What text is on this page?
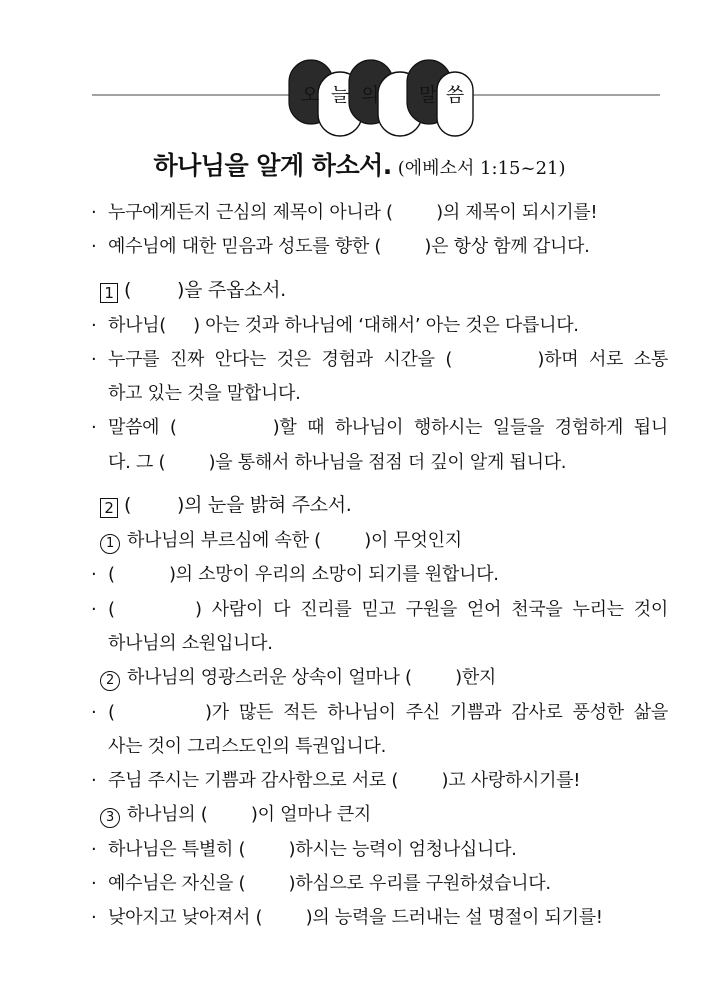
오 늘 의 말 씀
하나님을 알게 하소서. (에베소서 1:15~21)
· 누구에게든지 근심의 제목이 아니라 (        )의 제목이 되시기를!
· 예수님에 대한 믿음과 성도를 향한 (        )은 항상 함께 갑니다.
1 (        )을 주옵소서.
· 하나님(     ) 아는 것과 하나님에 ‘대해서’ 아는 것은 다릅니다.
· 누구를 진짜 안다는 것은 경험과 시간을 (        )하며 서로 소통
하고 있는 것을 말합니다.
· 말씀에 (         )할 때 하나님이 행하시는 일들을 경험하게 됩니
다. 그 (        )을 통해서 하나님을 점점 더 깊이 알게 됩니다.
2 (        )의 눈을 밝혀 주소서.
1 하나님의 부르심에 속한 (        )이 무엇인지
· (          )의 소망이 우리의 소망이 되기를 원합니다.
· (        ) 사람이 다 진리를 믿고 구원을 얻어 천국을 누리는 것이
하나님의 소원입니다.
2 하나님의 영광스러운 상속이 얼마나 (        )한지
· (         )가 많든 적든 하나님이 주신 기쁨과 감사로 풍성한 삶을
사는 것이 그리스도인의 특권입니다.
· 주님 주시는 기쁨과 감사함으로 서로 (        )고 사랑하시기를!
3 하나님의 (        )이 얼마나 큰지
· 하나님은 특별히 (        )하시는 능력이 엄청나십니다.
· 예수님은 자신을 (        )하심으로 우리를 구원하셨습니다.
· 낮아지고 낮아져서 (        )의 능력을 드러내는 설 명절이 되기를!
